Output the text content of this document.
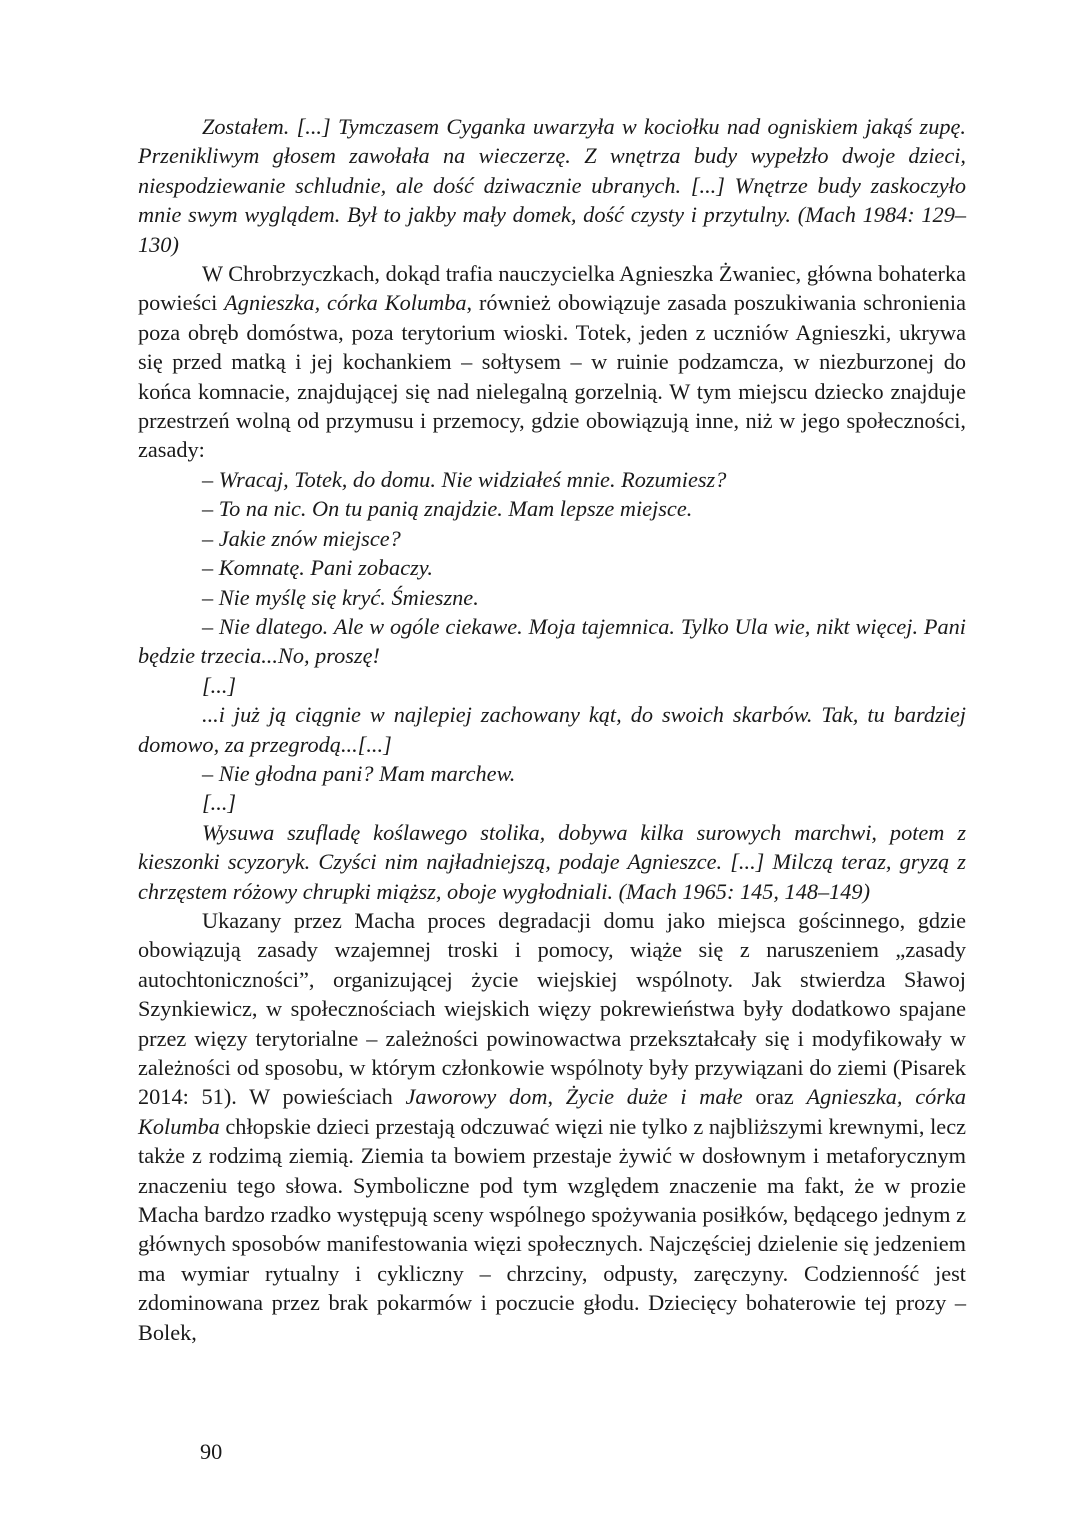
Zostałem. [...] Tymczasem Cyganka uwarzyła w kociołku nad ogniskiem jakąś zupę. Przenikliwym głosem zawołała na wieczerzę. Z wnętrza budy wypełzło dwoje dzieci, niespodziewanie schludnie, ale dość dziwacznie ubranych. [...] Wnętrze budy zaskoczyło mnie swym wyglądem. Był to jakby mały domek, dość czysty i przytulny. (Mach 1984: 129–130)

W Chrobrzyczkach, dokąd trafia nauczycielka Agnieszka Żwaniec, główna bohaterka powieści Agnieszka, córka Kolumba, również obowiązuje zasada poszukiwania schronienia poza obręb domóstwa, poza terytorium wioski. Totek, jeden z uczniów Agnieszki, ukrywa się przed matką i jej kochankiem – sołtysem – w ruinie podzamcza, w niezburzonej do końca komnacie, znajdującej się nad nielegalną gorzelnią. W tym miejscu dziecko znajduje przestrzeń wolną od przymusu i przemocy, gdzie obowiązują inne, niż w jego społeczności, zasady:

– Wracaj, Totek, do domu. Nie widziałeś mnie. Rozumiesz?

– To na nic. On tu panią znajdzie. Mam lepsze miejsce.

– Jakie znów miejsce?

– Komnatę. Pani zobaczy.

– Nie myślę się kryć. Śmieszne.

– Nie dlatego. Ale w ogóle ciekawe. Moja tajemnica. Tylko Ula wie, nikt więcej. Pani będzie trzecia...No, proszę!

[...]

...i już ją ciągnie w najlepiej zachowany kąt, do swoich skarbów. Tak, tu bardziej domowo, za przegrodą...[...]

– Nie głodna pani? Mam marchew.

[...]

Wysuwa szufladę koślawego stolika, dobywa kilka surowych marchwi, potem z kieszonki scyzoryk. Czyści nim najładniejszą, podaje Agnieszce. [...] Milczą teraz, gryzą z chrzęstem różowy chrupki miąższ, oboje wygłodniali. (Mach 1965: 145, 148–149)

Ukazany przez Macha proces degradacji domu jako miejsca gościnnego, gdzie obowiązują zasady wzajemnej troski i pomocy, wiąże się z naruszeniem „zasady autochtoniczności”, organizującej życie wiejskiej wspólnoty. Jak stwierdza Sławoj Szynkiewicz, w społecznościach wiejskich więzy pokrewieństwa były dodatkowo spajane przez więzy terytorialne – zależności powinowactwa przekształcały się i modyfikowały w zależności od sposobu, w którym członkowie wspólnoty były przywiązani do ziemi (Pisarek 2014: 51). W powieściach Jaworowy dom, Życie duże i małe oraz Agnieszka, córka Kolumba chłopskie dzieci przestają odczuwać więzi nie tylko z najbliższymi krewnymi, lecz także z rodzimą ziemią. Ziemia ta bowiem przestaje żywić w dosłownym i metaforycznym znaczeniu tego słowa. Symboliczne pod tym względem znaczenie ma fakt, że w prozie Macha bardzo rzadko występują sceny wspólnego spożywania posiłków, będącego jednym z głównych sposobów manifestowania więzi społecznych. Najczęściej dzielenie się jedzeniem ma wymiar rytualny i cykliczny – chrzciny, odpusty, zaręczyny. Codzienność jest zdominowana przez brak pokarmów i poczucie głodu. Dziecięcy bohaterowie tej prozy – Bolek,

90
